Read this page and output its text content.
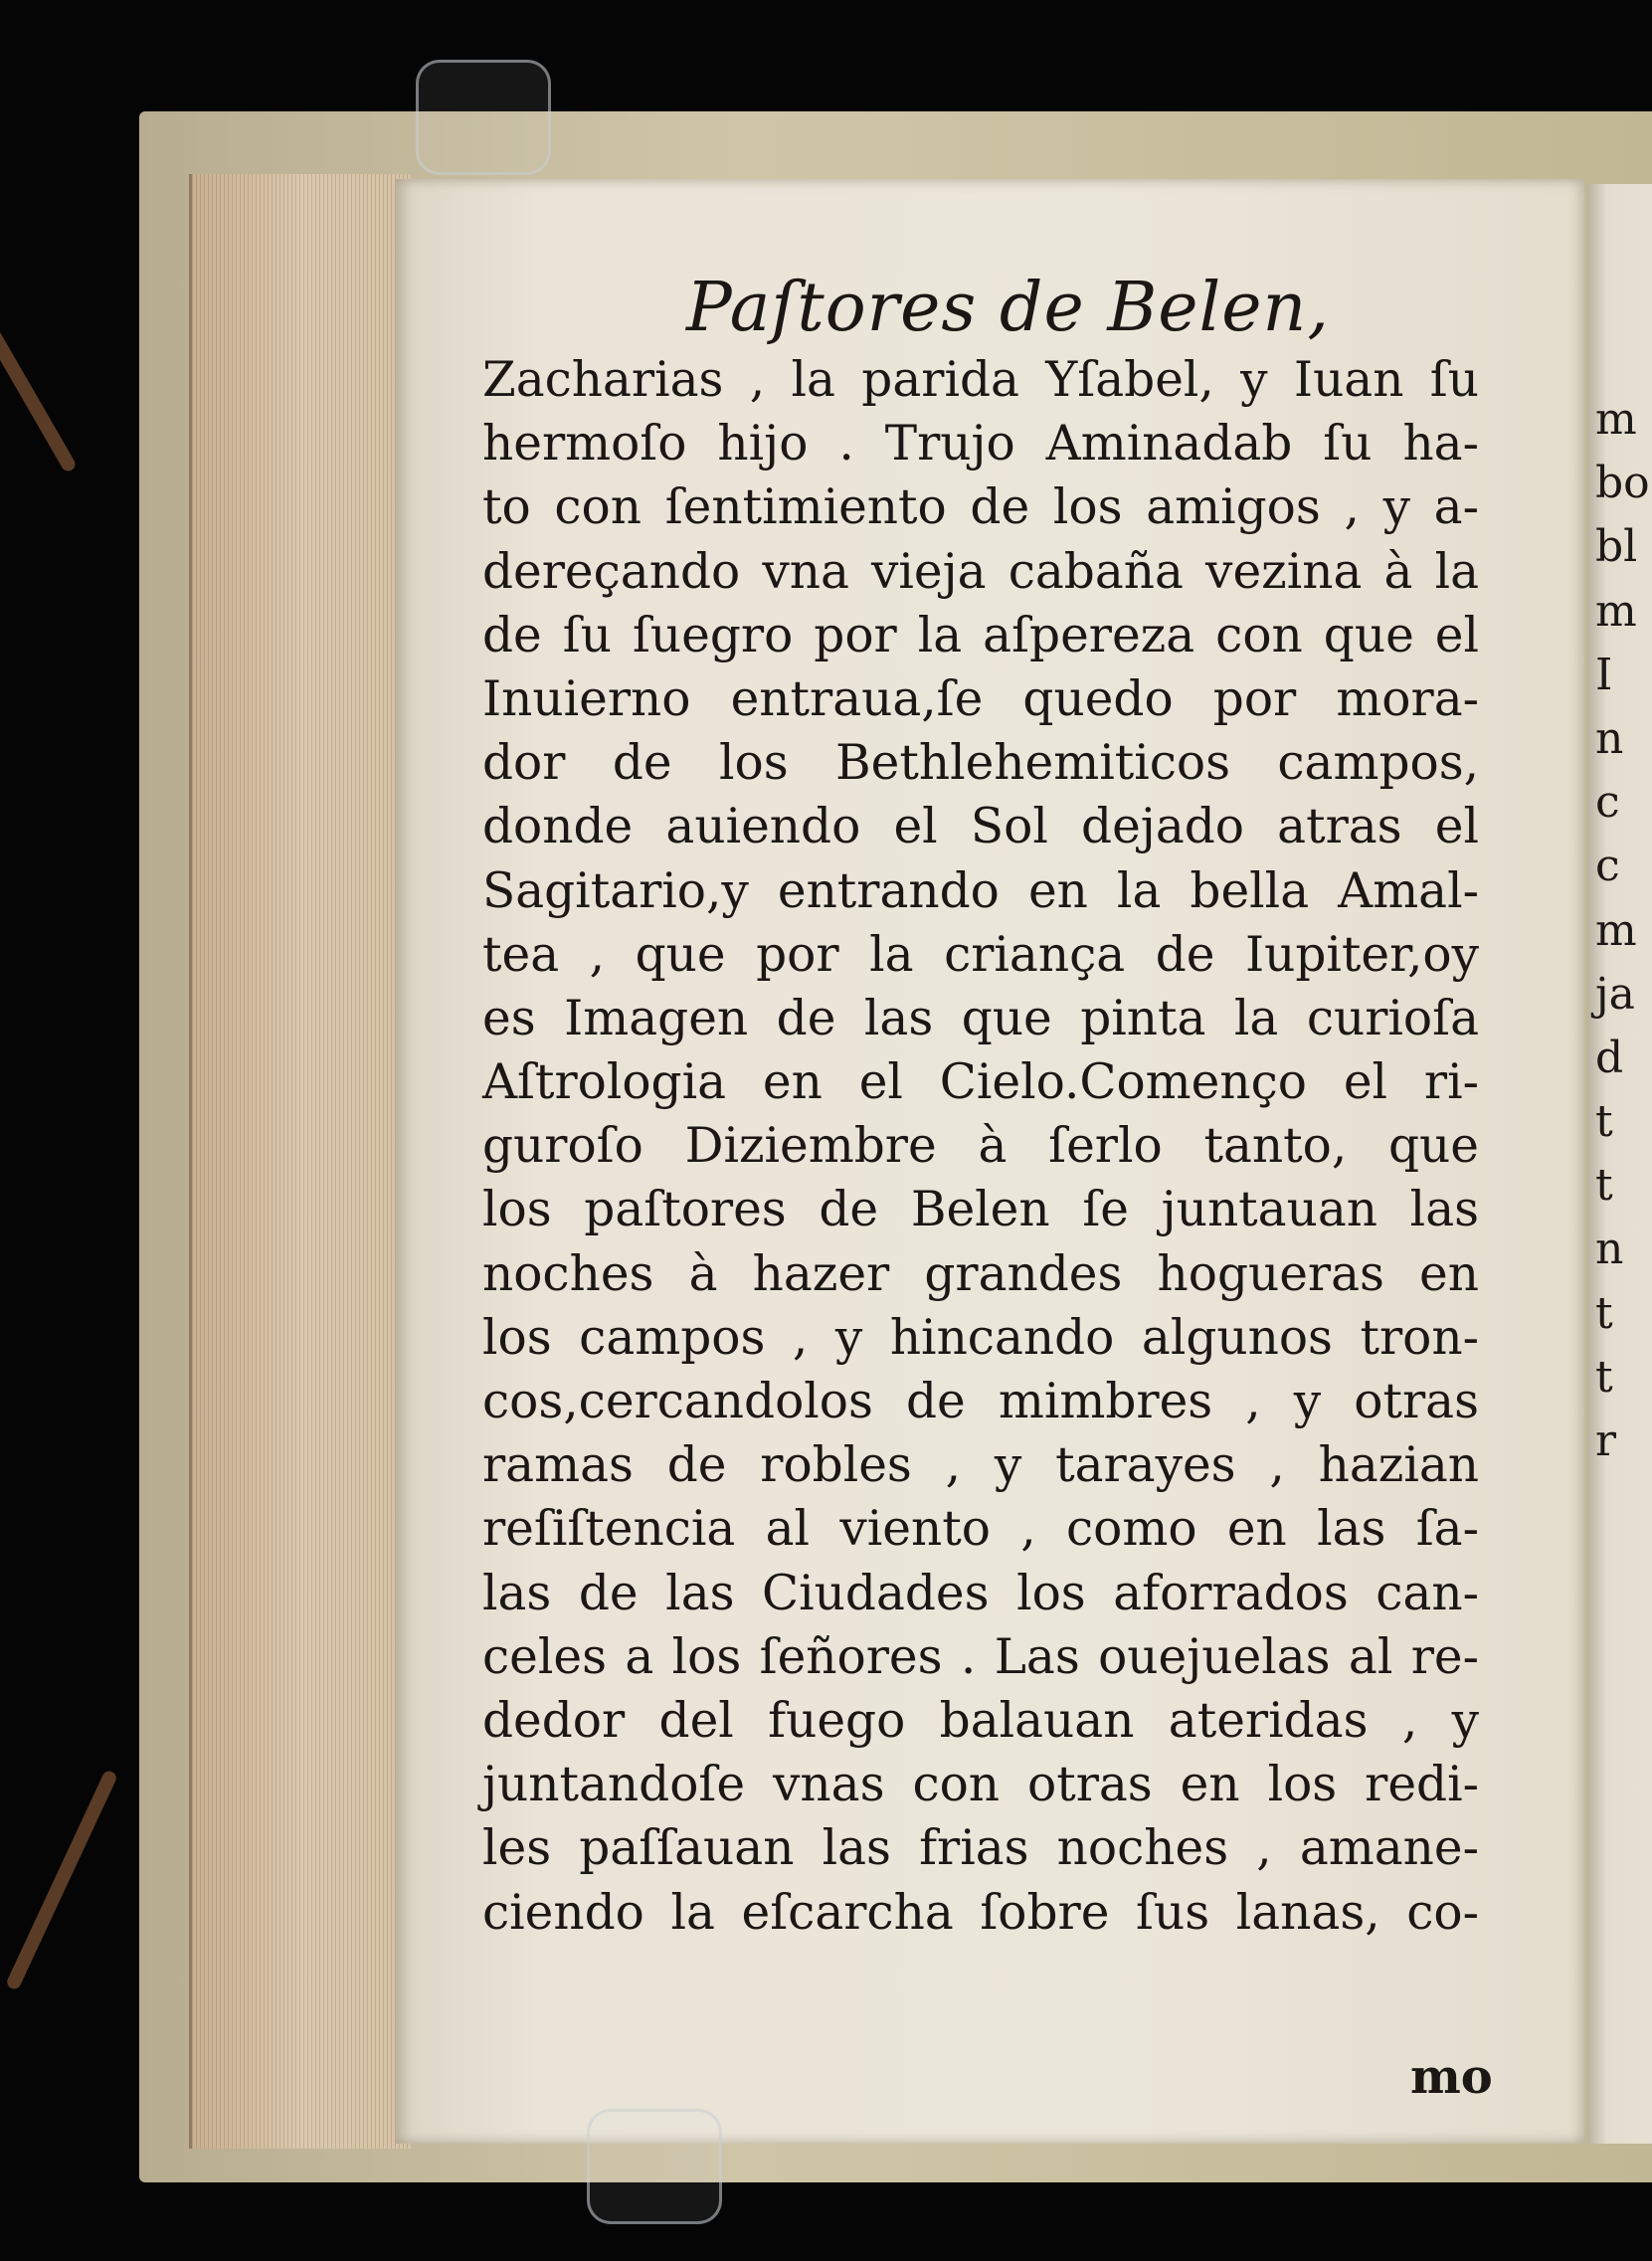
m
bo
bl
m
I
n
c
c
m
ja
d
t
t
n
t
t
r
Paſtores de Belen,
Zacharias , la parida Yſabel, y Iuan ſu
hermoſo hijo . Trujo Aminadab ſu ha-
to con ſentimiento de los amigos , y a-
dereçando vna vieja cabaña vezina à la
de ſu ſuegro por la aſpereza con que el
Inuierno entraua,ſe quedo por mora-
dor de los Bethlehemiticos campos,
donde auiendo el Sol dejado atras el
Sagitario,y entrando en la bella Amal-
tea , que por la criança de Iupiter,oy
es Imagen de las que pinta la curioſa
Aſtrologia en el Cielo.Començo el ri-
guroſo Diziembre à ſerlo tanto, que
los paſtores de Belen ſe juntauan las
noches à hazer grandes hogueras en
los campos , y hincando algunos tron-
cos,cercandolos de mimbres , y otras
ramas de robles , y tarayes , hazian
reſiſtencia al viento , como en las ſa-
las de las Ciudades los aforrados can-
celes a los ſeñores . Las ouejuelas al re-
dedor del fuego balauan ateridas , y
juntandoſe vnas con otras en los redi-
les paſſauan las frias noches , amane-
ciendo la eſcarcha ſobre ſus lanas, co-
mo
